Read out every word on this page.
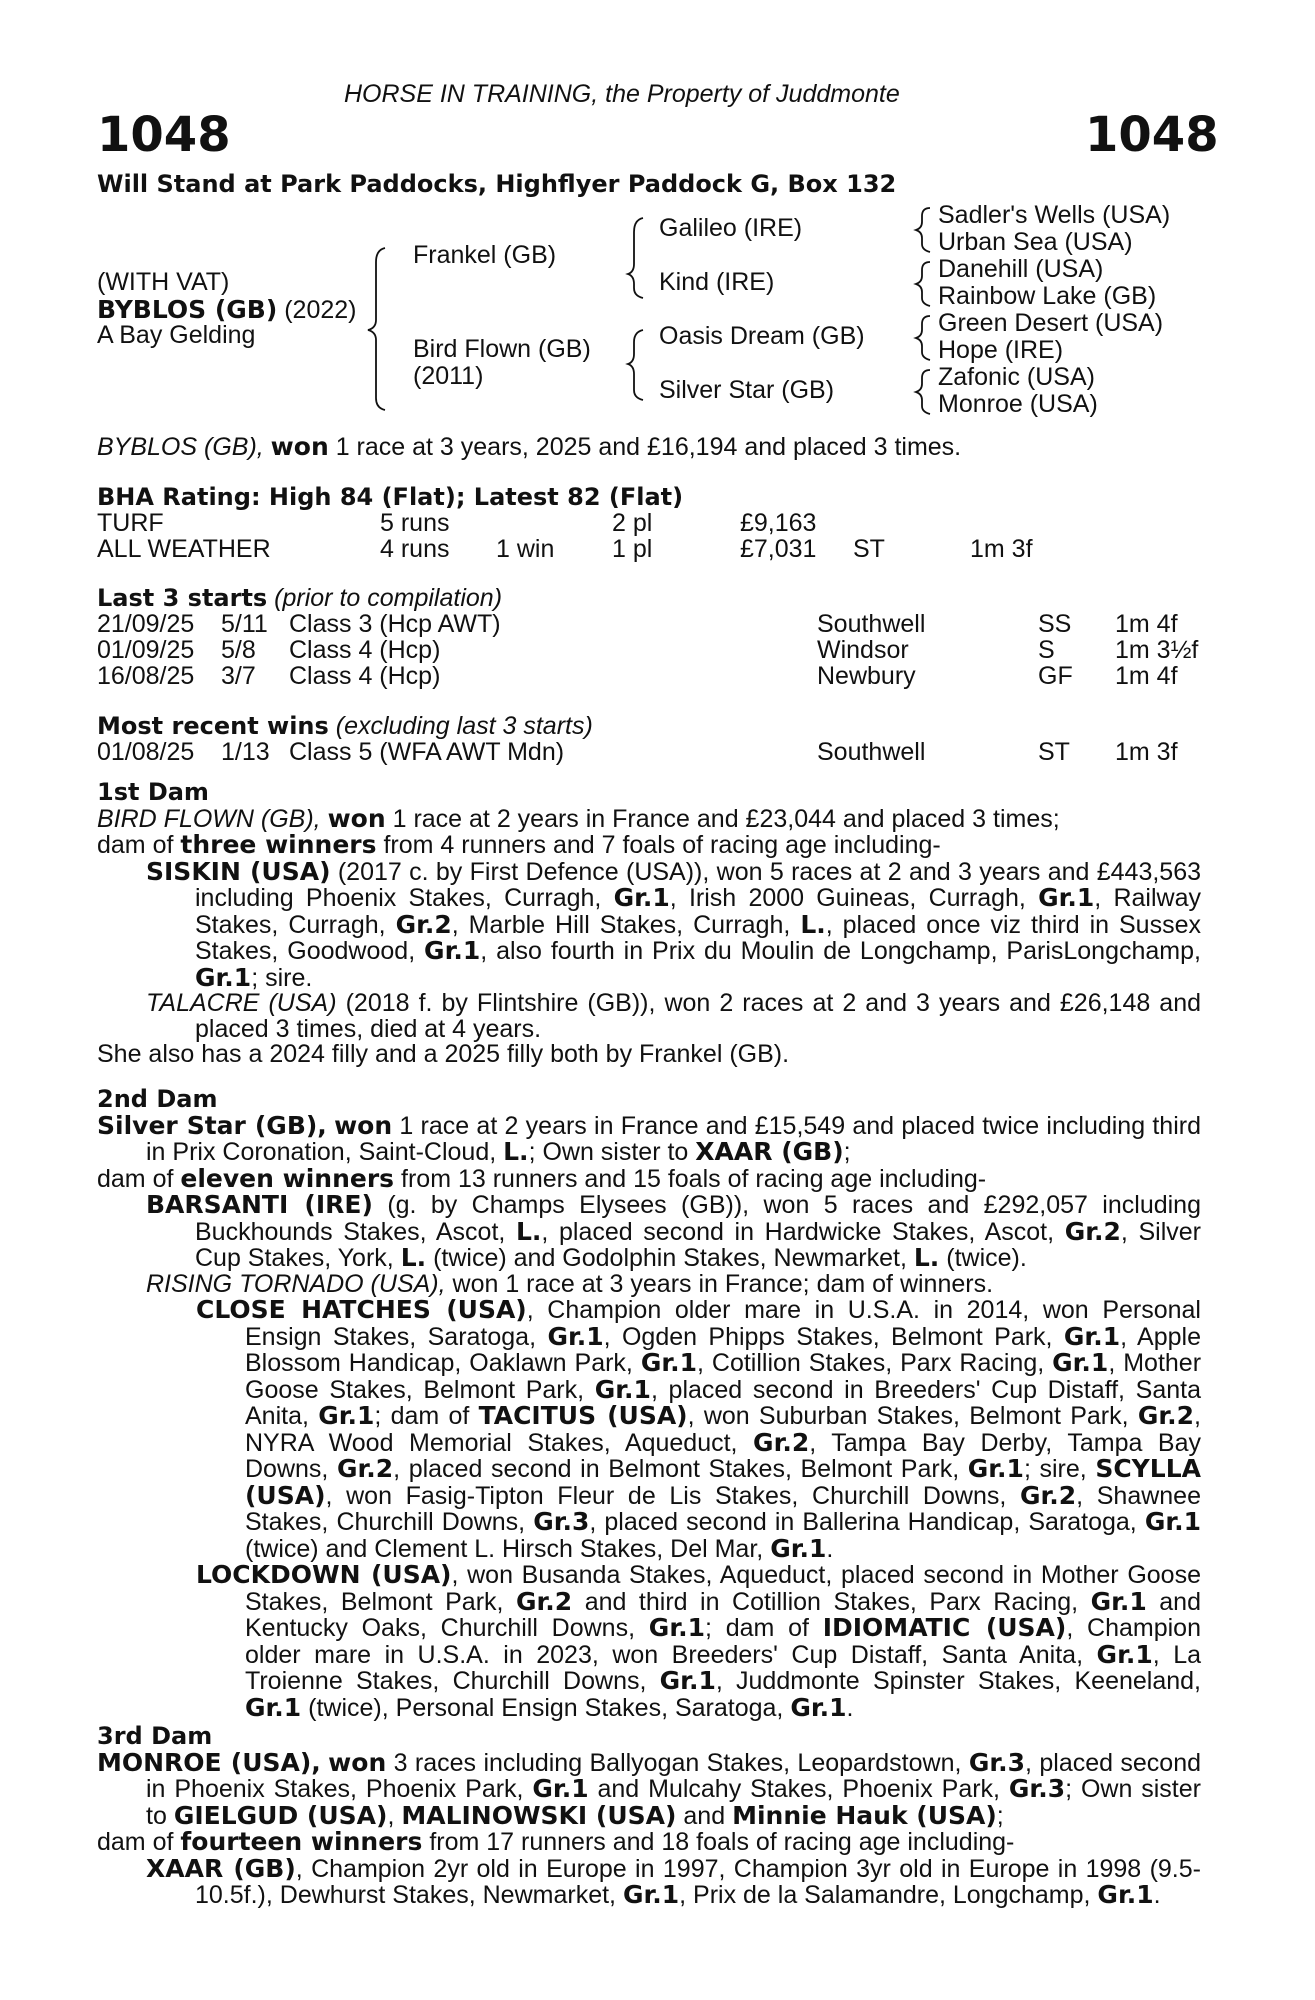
HORSE IN TRAINING, the Property of Juddmonte
1048	1048
Will Stand at Park Paddocks, Highflyer Paddock G, Box 132
(WITH VAT)
BYBLOS (GB) (2022)
A Bay Gelding
Frankel (GB)
Bird Flown (GB)
(2011)
Galileo (IRE)
Kind (IRE)
Oasis Dream (GB)
Silver Star (GB)
Sadler's Wells (USA)
Urban Sea (USA)
Danehill (USA)
Rainbow Lake (GB)
Green Desert (USA)
Hope (IRE)
Zafonic (USA)
Monroe (USA)
BYBLOS (GB), won 1 race at 3 years, 2025 and £16,194 and placed 3 times.
BHA Rating: High 84 (Flat); Latest 82 (Flat)
TURF	5 runs	2 pl	£9,163
ALL WEATHER	4 runs 1 win 1 pl	£7,031 ST	1m 3f
Last 3 starts (prior to compilation)
21/09/25 5/11 Class 3 (Hcp AWT)	Southwell	SS 1m 4f
01/09/25 5/8 Class 4 (Hcp)	Windsor	S 1m 3½f
16/08/25 3/7 Class 4 (Hcp)	Newbury	GF 1m 4f
Most recent wins (excluding last 3 starts)
01/08/25 1/13 Class 5 (WFA AWT Mdn)	Southwell	ST 1m 3f

1st Dam

BIRD FLOWN (GB), won 1 race at 2 years in France and £23,044 and placed 3 times;

dam of three winners from 4 runners and 7 foals of racing age including-

SISKIN (USA) (2017 c. by First Defence (USA)), won 5 races at 2 and 3 years and £443,563 including Phoenix Stakes, Curragh, Gr.1, Irish 2000 Guineas, Curragh, Gr.1, Railway Stakes, Curragh, Gr.2, Marble Hill Stakes, Curragh, L., placed once viz third in Sussex Stakes, Goodwood, Gr.1, also fourth in Prix du Moulin de Longchamp, ParisLongchamp, Gr.1; sire.

TALACRE (USA) (2018 f. by Flintshire (GB)), won 2 races at 2 and 3 years and £26,148 and placed 3 times, died at 4 years.

She also has a 2024 filly and a 2025 filly both by Frankel (GB).

2nd Dam

Silver Star (GB), won 1 race at 2 years in France and £15,549 and placed twice including third in Prix Coronation, Saint-Cloud, L.; Own sister to XAAR (GB);

dam of eleven winners from 13 runners and 15 foals of racing age including-

BARSANTI (IRE) (g. by Champs Elysees (GB)), won 5 races and £292,057 including Buckhounds Stakes, Ascot, L., placed second in Hardwicke Stakes, Ascot, Gr.2, Silver Cup Stakes, York, L. (twice) and Godolphin Stakes, Newmarket, L. (twice).

RISING TORNADO (USA), won 1 race at 3 years in France; dam of winners.

CLOSE HATCHES (USA), Champion older mare in U.S.A. in 2014, won Personal Ensign Stakes, Saratoga, Gr.1, Ogden Phipps Stakes, Belmont Park, Gr.1, Apple Blossom Handicap, Oaklawn Park, Gr.1, Cotillion Stakes, Parx Racing, Gr.1, Mother Goose Stakes, Belmont Park, Gr.1, placed second in Breeders' Cup Distaff, Santa Anita, Gr.1; dam of TACITUS (USA), won Suburban Stakes, Belmont Park, Gr.2, NYRA Wood Memorial Stakes, Aqueduct, Gr.2, Tampa Bay Derby, Tampa Bay Downs, Gr.2, placed second in Belmont Stakes, Belmont Park, Gr.1; sire, SCYLLA (USA), won Fasig-Tipton Fleur de Lis Stakes, Churchill Downs, Gr.2, Shawnee Stakes, Churchill Downs, Gr.3, placed second in Ballerina Handicap, Saratoga, Gr.1 (twice) and Clement L. Hirsch Stakes, Del Mar, Gr.1.

LOCKDOWN (USA), won Busanda Stakes, Aqueduct, placed second in Mother Goose Stakes, Belmont Park, Gr.2 and third in Cotillion Stakes, Parx Racing, Gr.1 and Kentucky Oaks, Churchill Downs, Gr.1; dam of IDIOMATIC (USA), Champion older mare in U.S.A. in 2023, won Breeders' Cup Distaff, Santa Anita, Gr.1, La Troienne Stakes, Churchill Downs, Gr.1, Juddmonte Spinster Stakes, Keeneland, Gr.1 (twice), Personal Ensign Stakes, Saratoga, Gr.1.

3rd Dam

MONROE (USA), won 3 races including Ballyogan Stakes, Leopardstown, Gr.3, placed second in Phoenix Stakes, Phoenix Park, Gr.1 and Mulcahy Stakes, Phoenix Park, Gr.3; Own sister to GIELGUD (USA), MALINOWSKI (USA) and Minnie Hauk (USA);

dam of fourteen winners from 17 runners and 18 foals of racing age including-

XAAR (GB), Champion 2yr old in Europe in 1997, Champion 3yr old in Europe in 1998 (9.5-10.5f.), Dewhurst Stakes, Newmarket, Gr.1, Prix de la Salamandre, Longchamp, Gr.1.
